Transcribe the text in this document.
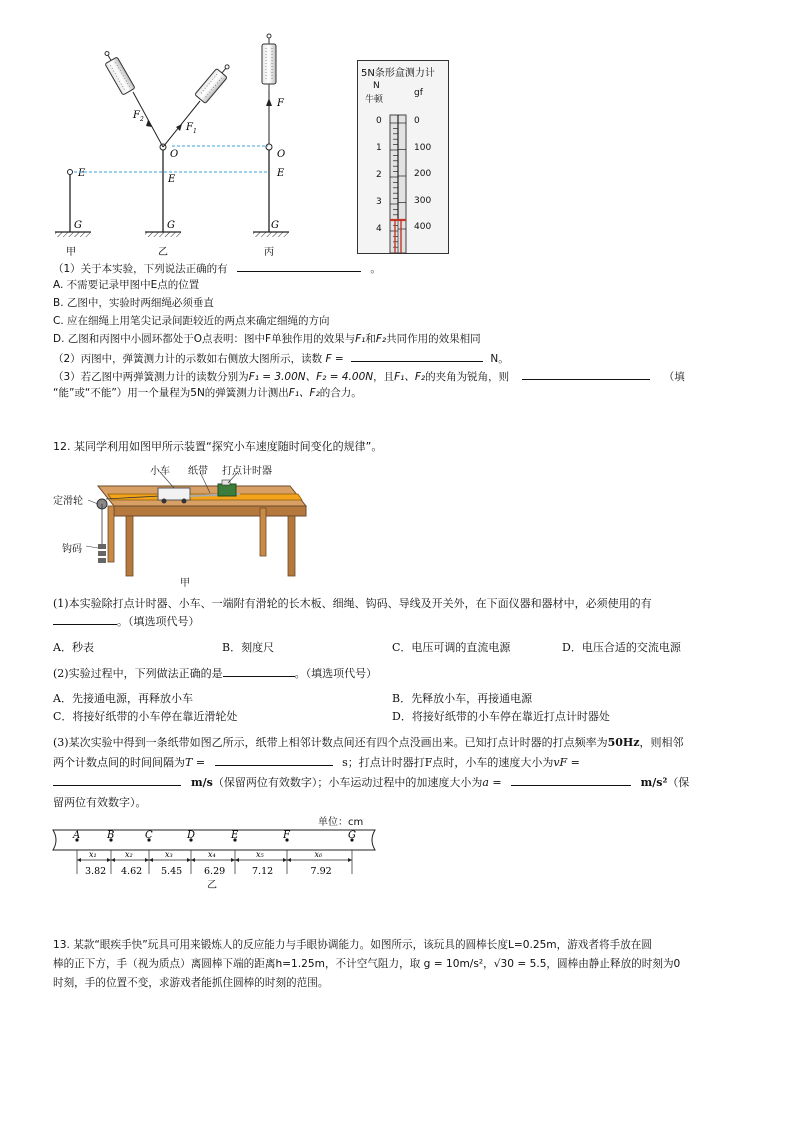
E
G
甲
$F_2$
$F_1$
O
E
G
乙
F
O
E
G
丙
5N条形盒测力计
N
牛顿
gf
0
1
2
3
4
0
100
200
300
400
（1）关于本实验，下列说法正确的有	。
A. 不需要记录甲图中E点的位置
B. 乙图中，实验时两细绳必须垂直
C. 应在细绳上用笔尖记录间距较近的两点来确定细绳的方向
D. 乙图和丙图中小圆环都处于O点表明：图中F单独作用的效果与F₁和F₂共同作用的效果相同
（2）丙图中，弹簧测力计的示数如右侧放大图所示，读数 F =	N。
（3）若乙图中两弹簧测力计的读数分别为F₁ = 3.00N、F₂ = 4.00N，且F₁、F₂的夹角为锐角，则	（填
“能”或“不能”）用一个量程为5N的弹簧测力计测出F₁、F₂的合力。
12. 某同学利用如图甲所示装置“探究小车速度随时间变化的规律”。
小车 纸带 打点计时器
定滑轮
钩码
甲
(1)本实验除打点计时器、小车、一端附有滑轮的长木板、细绳、钩码、导线及开关外，在下面仪器和器材中，必须使用的有
。（填选项代号）
A．秒表	B．刻度尺	C．电压可调的直流电源	D．电压合适的交流电源
(2)实验过程中，下列做法正确的是	。（填选项代号）
A．先接通电源，再释放小车	B．先释放小车，再接通电源
C．将接好纸带的小车停在靠近滑轮处	D．将接好纸带的小车停在靠近打点计时器处
(3)某次实验中得到一条纸带如图乙所示，纸带上相邻计数点间还有四个点没画出来。已知打点计时器的打点频率为50Hz，则相邻
两个计数点间的时间间隔为T =	s；打点计时器打F点时，小车的速度大小为vF =
m/s（保留两位有效数字）；小车运动过程中的加速度大小为a =	m/s²（保
留两位有效数字）。
单位：cm
A	B	C	D	E	F	G
x₁
3.82
x₂
4.62
x₃
5.45
x₄
6.29
x₅
7.12
x₆
7.92
乙
13. 某款“眼疾手快”玩具可用来锻炼人的反应能力与手眼协调能力。如图所示，该玩具的圆棒长度L=0.25m，游戏者将手放在圆
棒的正下方，手（视为质点）离圆棒下端的距离h=1.25m，不计空气阻力，取 g = 10m/s²，√30 = 5.5，圆棒由静止释放的时刻为0
时刻，手的位置不变，求游戏者能抓住圆棒的时刻的范围。
